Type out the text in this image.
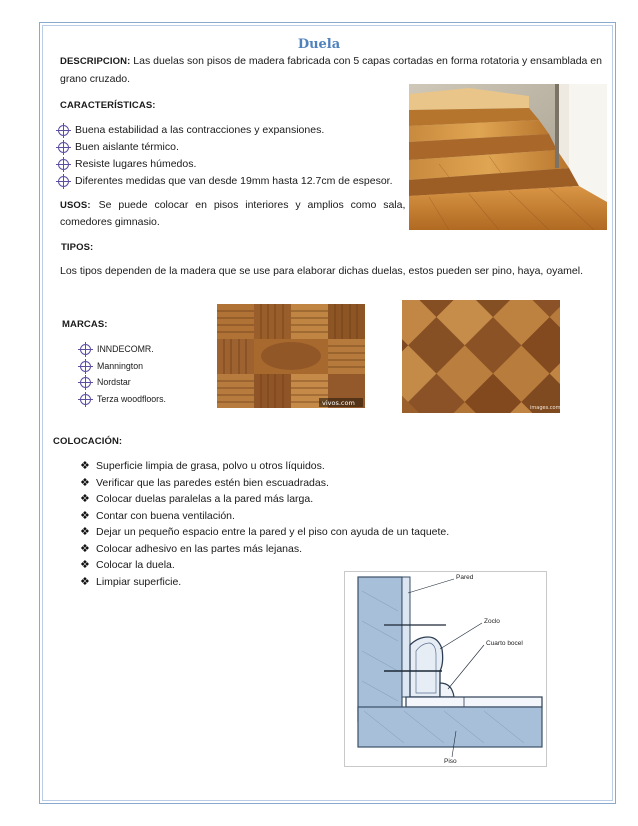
Duela
DESCRIPCION: Las duelas son pisos de madera fabricada con 5 capas cortadas en forma rotatoria y ensamblada en
grano cruzado.
CARACTERÍSTICAS:
Buena estabilidad a las contracciones y expansiones.
Buen aislante térmico.
Resiste lugares húmedos.
Diferentes medidas que van desde 19mm hasta 12.7cm de espesor.
USOS: Se puede colocar en pisos interiores y amplios como sala,
comedores gimnasio.
TIPOS:
Los tipos dependen de la madera que se use para elaborar dichas duelas, estos pueden ser pino, haya, oyamel.
MARCAS:
INNDECOMR.
Mannington
Nordstar
Terza woodfloors.	vivos.com
images.com
COLOCACIÓN:
❖ Superficie limpia de grasa, polvo u otros líquidos.
❖ Verificar que las paredes estén bien escuadradas.
❖ Colocar duelas paralelas a la pared más larga.
❖ Contar con buena ventilación.
❖ Dejar un pequeño espacio entre la pared y el piso con ayuda de un taquete.
❖ Colocar adhesivo en las partes más lejanas.
❖ Colocar la duela.
❖ Limpiar superficie.	Pared
Zoclo
Cuarto bocel
Piso
